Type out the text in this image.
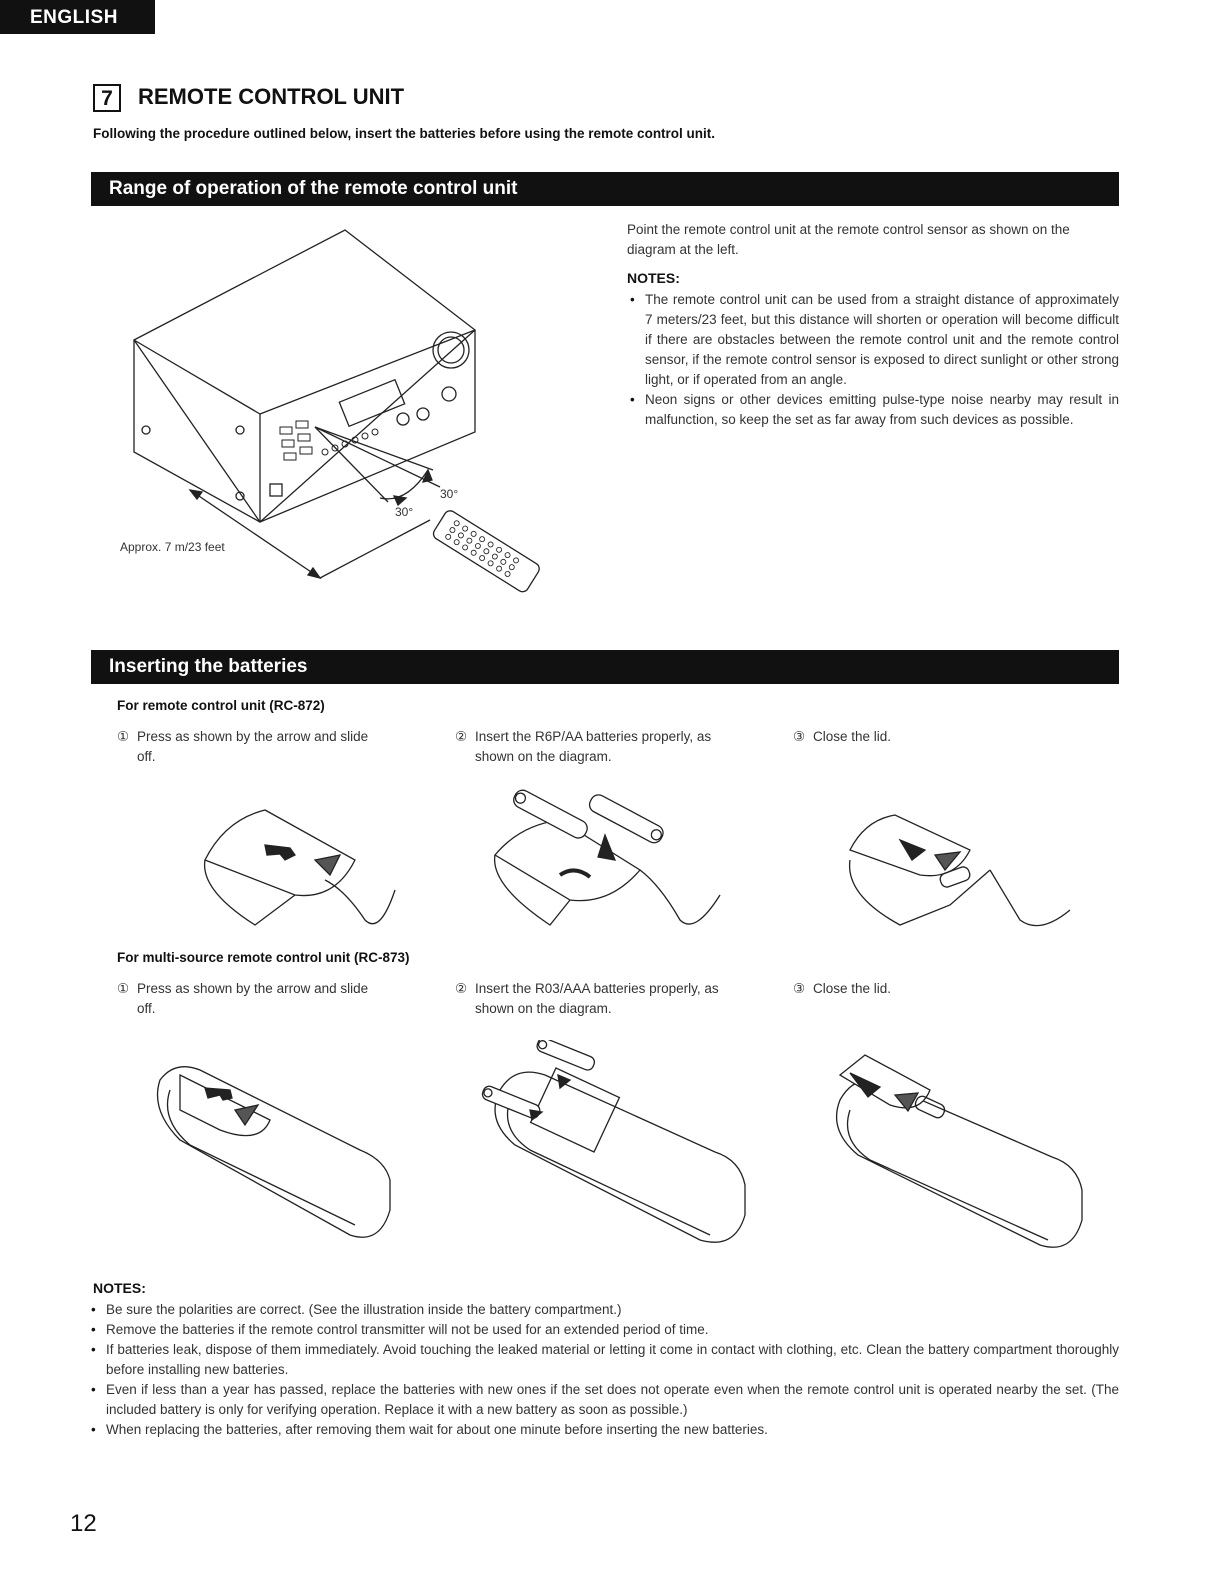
ENGLISH
7	REMOTE CONTROL UNIT
Following the procedure outlined below, insert the batteries before using the remote control unit.
Range of operation of the remote control unit
Approx. 7 m/23 feet
30°
30°
Point the remote control unit at the remote control sensor as shown on the diagram at the left.
NOTES:
• The remote control unit can be used from a straight distance of approximately 7 meters/23 feet, but this distance will shorten or operation will become difficult if there are obstacles between the remote control unit and the remote control sensor, if the remote control sensor is exposed to direct sunlight or other strong light, or if operated from an angle.
• Neon signs or other devices emitting pulse-type noise nearby may result in malfunction, so keep the set as far away from such devices as possible.
Inserting the batteries
For remote control unit (RC-872)
① Press as shown by the arrow and slide
off.
② Insert the R6P/AA batteries properly, as
shown on the diagram.
③ Close the lid.
For multi-source remote control unit (RC-873)
① Press as shown by the arrow and slide
off.
② Insert the R03/AAA batteries properly, as
shown on the diagram.
③ Close the lid.
NOTES:
• Be sure the polarities are correct. (See the illustration inside the battery compartment.)
• Remove the batteries if the remote control transmitter will not be used for an extended period of time.
• If batteries leak, dispose of them immediately. Avoid touching the leaked material or letting it come in contact with clothing, etc. Clean the battery compartment thoroughly before installing new batteries.
• Even if less than a year has passed, replace the batteries with new ones if the set does not operate even when the remote control unit is operated nearby the set. (The included battery is only for verifying operation. Replace it with a new battery as soon as possible.)
• When replacing the batteries, after removing them wait for about one minute before inserting the new batteries.
12
